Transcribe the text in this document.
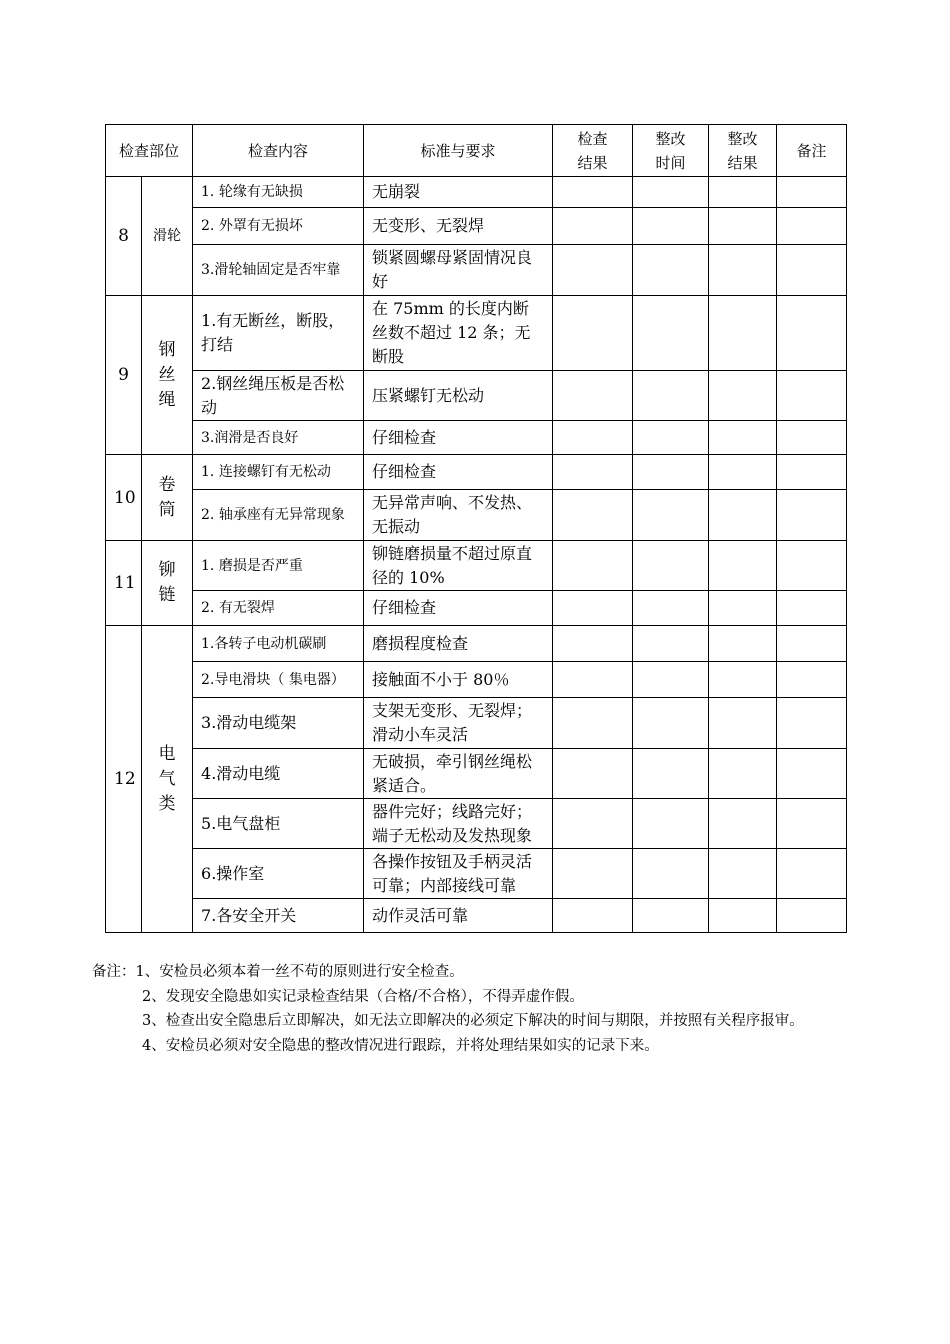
检查部位		检查内容	标准与要求	检查结果	整改时间	整改结果	备注
8	滑轮	1. 轮缘有无缺损	无崩裂				
		2. 外罩有无损坏	无变形、无裂焊				
		3.滑轮轴固定是否牢靠	锁紧圆螺母紧固情况良好				
9	钢丝绳	1.有无断丝，断股，打结	在 75mm 的长度内断丝数不超过 12 条；无断股				
		2.钢丝绳压板是否松动	压紧螺钉无松动				
		3.润滑是否良好	仔细检查				
10	卷筒	1. 连接螺钉有无松动	仔细检查				
		2. 轴承座有无异常现象	无异常声响、不发热、无振动				
11	铆链	1. 磨损是否严重	铆链磨损量不超过原直径的 10%				
		2. 有无裂焊	仔细检查				
12	电气类	1.各转子电动机碳刷	磨损程度检查				
		2.导电滑块（ 集电器）	接触面不小于 80％				
		3.滑动电缆架	支架无变形、无裂焊；滑动小车灵活				
		4.滑动电缆	无破损，牵引钢丝绳松紧适合。				
		5.电气盘柜	器件完好；线路完好；端子无松动及发热现象				
		6.操作室	各操作按钮及手柄灵活可靠；内部接线可靠				
		7.各安全开关	动作灵活可靠				

备注：1、安检员必须本着一丝不苟的原则进行安全检查。

2、发现安全隐患如实记录检查结果（合格/不合格），不得弄虚作假。

3、检查出安全隐患后立即解决，如无法立即解决的必须定下解决的时间与期限，并按照有关程序报审。

4、安检员必须对安全隐患的整改情况进行跟踪，并将处理结果如实的记录下来。
